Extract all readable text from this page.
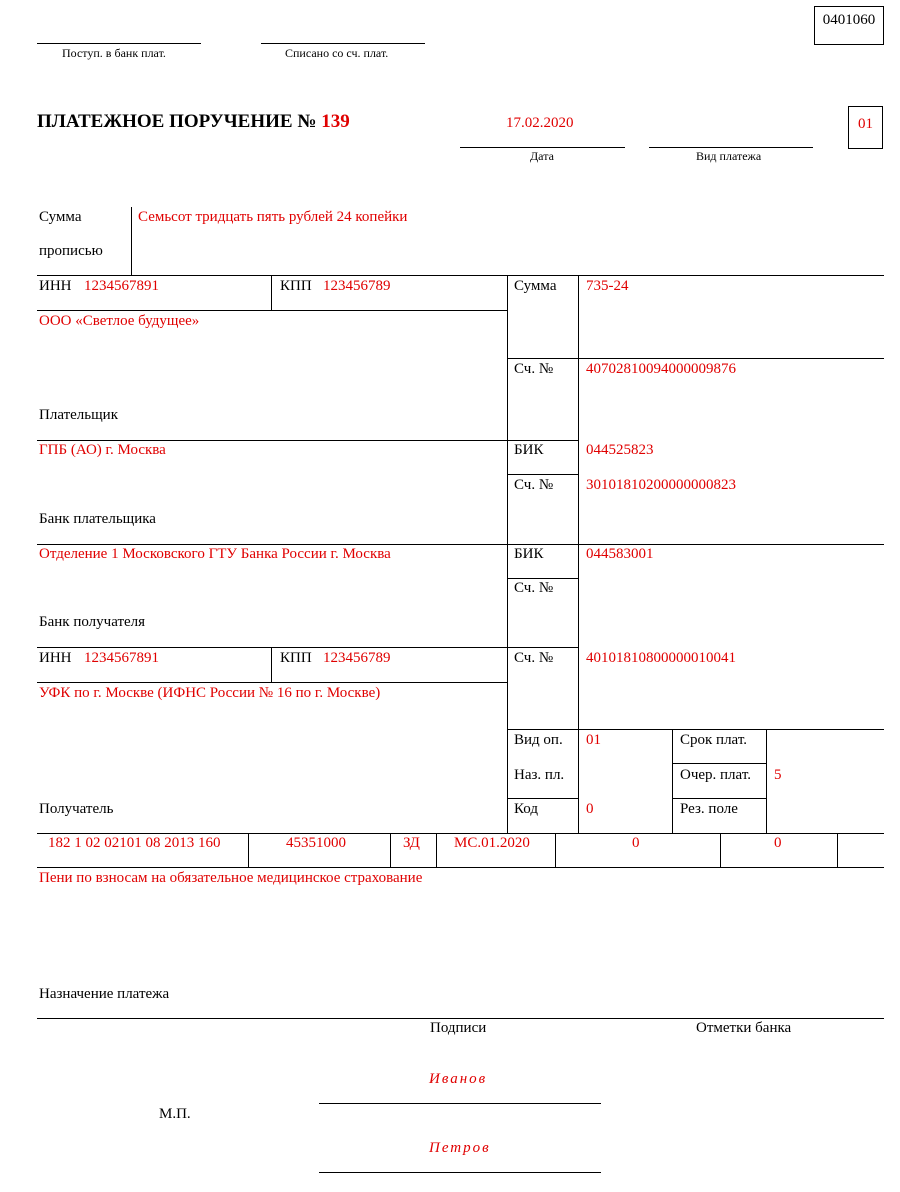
0401060
Поступ. в банк плат.	Списано со сч. плат.
ПЛАТЕЖНОЕ ПОРУЧЕНИЕ № 139	17.02.2020
Дата	Вид платежа
01
Сумма
прописью
Семьсот тридцать пять рублей 24 копейки
ИНН 1234567891	КПП 123456789
ООО «Светлое будущее»
Плательщик
Сумма 735-24
Сч. № 40702810094000009876
ГПБ (АО) г. Москва
Банк плательщика
БИК	044525823
Сч. № 30101810200000000823
Отделение 1 Московского ГТУ Банка России г. Москва
Банк получателя
БИК	044583001
Сч. №
ИНН 1234567891	КПП 123456789
УФК по г. Москве (ИФНС России № 16 по г. Москве)
Получатель
Сч. № 40101810800000010041
Вид оп. 01
Наз. пл.
Код	0
Срок плат.
Очер. плат. 5
Рез. поле
182 1 02 02101 08 2013 160	45351000	ЗД МС.01.2020	0	0
Пени по взносам на обязательное медицинское страхование
Назначение платежа
Подписи	Отметки банка
М.П.
Иванов
Петров
